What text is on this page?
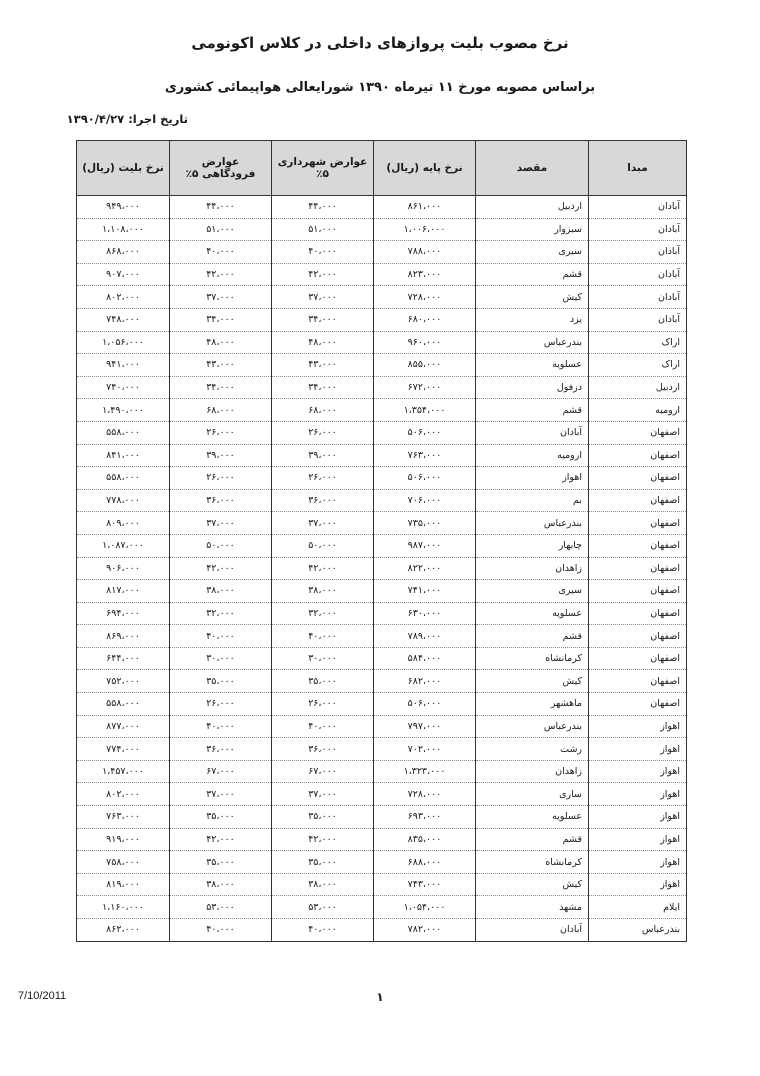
نرخ مصوب بلیت پروازهای داخلی در کلاس اکونومی
براساس مصوبه مورخ ۱۱ تیرماه ۱۳۹۰ شورایعالی هواپیمائی کشوری
تاریخ اجرا: ۱۳۹۰/۴/۲۷
مبدا	مقصد	نرخ پایه (ریال)	عوارض شهرداری ۵٪	عوارض فرودگاهی ۵٪	نرخ بلیت (ریال)
آبادان	اردبیل	۸۶۱،۰۰۰	۴۴،۰۰۰	۴۴،۰۰۰	۹۴۹،۰۰۰
آبادان	سبزوار	۱،۰۰۶،۰۰۰	۵۱،۰۰۰	۵۱،۰۰۰	۱،۱۰۸،۰۰۰
آبادان	سیری	۷۸۸،۰۰۰	۴۰،۰۰۰	۴۰،۰۰۰	۸۶۸،۰۰۰
آبادان	قشم	۸۲۳،۰۰۰	۴۲،۰۰۰	۴۲،۰۰۰	۹۰۷،۰۰۰
آبادان	کیش	۷۲۸،۰۰۰	۳۷،۰۰۰	۳۷،۰۰۰	۸۰۲،۰۰۰
آبادان	یزد	۶۸۰،۰۰۰	۳۴،۰۰۰	۳۴،۰۰۰	۷۴۸،۰۰۰
اراک	بندرعباس	۹۶۰،۰۰۰	۴۸،۰۰۰	۴۸،۰۰۰	۱،۰۵۶،۰۰۰
اراک	عسلویه	۸۵۵،۰۰۰	۴۳،۰۰۰	۴۳،۰۰۰	۹۴۱،۰۰۰
اردبیل	دزفول	۶۷۲،۰۰۰	۳۴،۰۰۰	۳۴،۰۰۰	۷۴۰،۰۰۰
ارومیه	قشم	۱،۳۵۴،۰۰۰	۶۸،۰۰۰	۶۸،۰۰۰	۱،۴۹۰،۰۰۰
اصفهان	آبادان	۵۰۶،۰۰۰	۲۶،۰۰۰	۲۶،۰۰۰	۵۵۸،۰۰۰
اصفهان	ارومیه	۷۶۳،۰۰۰	۳۹،۰۰۰	۳۹،۰۰۰	۸۴۱،۰۰۰
اصفهان	اهواز	۵۰۶،۰۰۰	۲۶،۰۰۰	۲۶،۰۰۰	۵۵۸،۰۰۰
اصفهان	بم	۷۰۶،۰۰۰	۳۶،۰۰۰	۳۶،۰۰۰	۷۷۸،۰۰۰
اصفهان	بندرعباس	۷۳۵،۰۰۰	۳۷،۰۰۰	۳۷،۰۰۰	۸۰۹،۰۰۰
اصفهان	چابهار	۹۸۷،۰۰۰	۵۰،۰۰۰	۵۰،۰۰۰	۱،۰۸۷،۰۰۰
اصفهان	زاهدان	۸۲۲،۰۰۰	۴۲،۰۰۰	۴۲،۰۰۰	۹۰۶،۰۰۰
اصفهان	سیری	۷۴۱،۰۰۰	۳۸،۰۰۰	۳۸،۰۰۰	۸۱۷،۰۰۰
اصفهان	عسلویه	۶۳۰،۰۰۰	۳۲،۰۰۰	۳۲،۰۰۰	۶۹۴،۰۰۰
اصفهان	قشم	۷۸۹،۰۰۰	۴۰،۰۰۰	۴۰،۰۰۰	۸۶۹،۰۰۰
اصفهان	کرمانشاه	۵۸۴،۰۰۰	۳۰،۰۰۰	۳۰،۰۰۰	۶۴۴،۰۰۰
اصفهان	کیش	۶۸۲،۰۰۰	۳۵،۰۰۰	۳۵،۰۰۰	۷۵۲،۰۰۰
اصفهان	ماهشهر	۵۰۶،۰۰۰	۲۶،۰۰۰	۲۶،۰۰۰	۵۵۸،۰۰۰
اهواز	بندرعباس	۷۹۷،۰۰۰	۴۰،۰۰۰	۴۰،۰۰۰	۸۷۷،۰۰۰
اهواز	رشت	۷۰۲،۰۰۰	۳۶،۰۰۰	۳۶،۰۰۰	۷۷۴،۰۰۰
اهواز	زاهدان	۱،۳۲۳،۰۰۰	۶۷،۰۰۰	۶۷،۰۰۰	۱،۴۵۷،۰۰۰
اهواز	ساری	۷۲۸،۰۰۰	۳۷،۰۰۰	۳۷،۰۰۰	۸۰۲،۰۰۰
اهواز	عسلویه	۶۹۳،۰۰۰	۳۵،۰۰۰	۳۵،۰۰۰	۷۶۳،۰۰۰
اهواز	قشم	۸۳۵،۰۰۰	۴۲،۰۰۰	۴۲،۰۰۰	۹۱۹،۰۰۰
اهواز	کرمانشاه	۶۸۸،۰۰۰	۳۵،۰۰۰	۳۵،۰۰۰	۷۵۸،۰۰۰
اهواز	کیش	۷۴۳،۰۰۰	۳۸،۰۰۰	۳۸،۰۰۰	۸۱۹،۰۰۰
ایلام	مشهد	۱،۰۵۴،۰۰۰	۵۳،۰۰۰	۵۳،۰۰۰	۱،۱۶۰،۰۰۰
بندرعباس	آبادان	۷۸۲،۰۰۰	۴۰،۰۰۰	۴۰،۰۰۰	۸۶۲،۰۰۰
7/10/2011	۱
